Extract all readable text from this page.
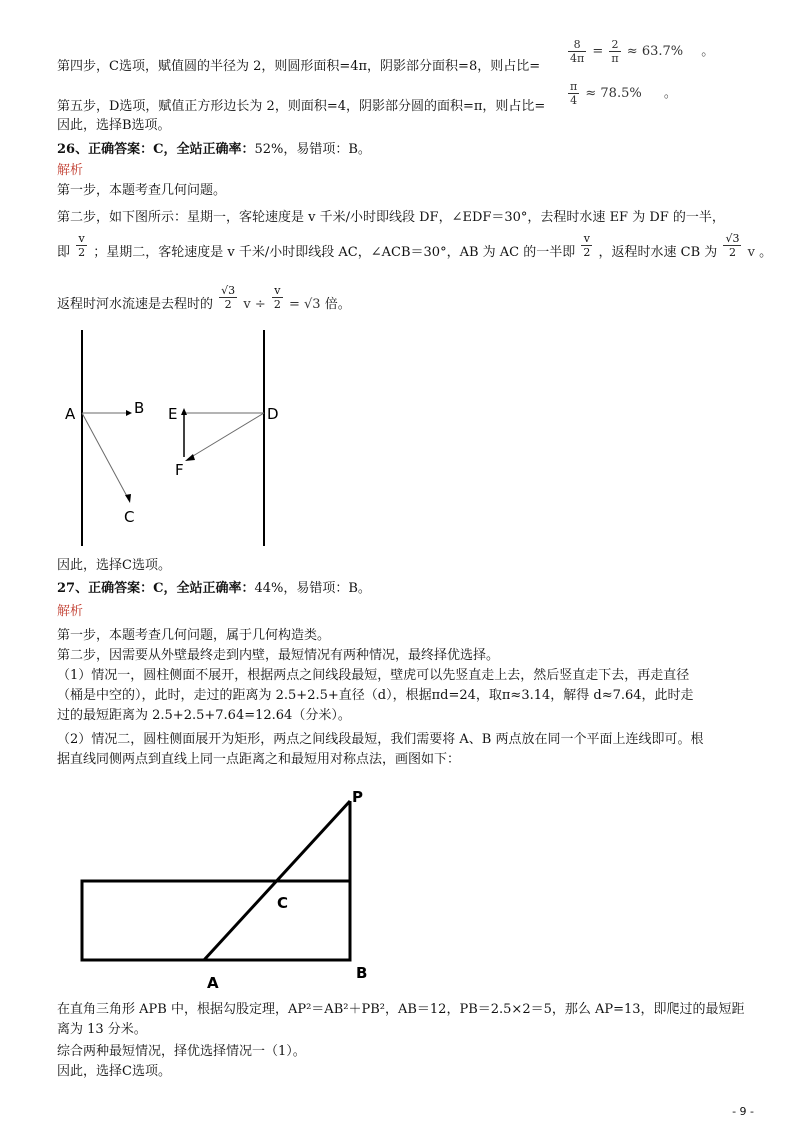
第四步，C选项，赋值圆的半径为 2，则圆形面积=4π，阴影部分面积=8，则占比=
$\frac{8}{4\pi} = \frac{2}{\pi} \approx 63.7\%$ 。
第五步，D选项，赋值正方形边长为 2，则面积=4，阴影部分圆的面积=π，则占比= $\frac{\pi}{4} \approx 78.5\%$ 。
因此，选择B选项。
26、正确答案：C，全站正确率：52%，易错项：B。
解析
第一步，本题考查几何问题。
第二步，如下图所示：星期一，客轮速度是 v 千米/小时即线段 DF，∠EDF＝30°，去程时水速 EF 为 DF 的一半，
即 $\frac{v}{2}$ ；星期二，客轮速度是 v 千米/小时即线段 AC，∠ACB＝30°，AB 为 AC 的一半即 $\frac{v}{2}$ ，返程时水速 CB 为 $\frac{√3}{2}$ v 。
返程时河水流速是去程时的 $\frac{√3}{2}$ $v \div \frac{v}{2} = √3$ 倍。
A	B
C
D
E
F
因此，选择C选项。
27、正确答案：C，全站正确率：44%，易错项：B。
解析
第一步，本题考查几何问题，属于几何构造类。
第二步，因需要从外壁最终走到内壁，最短情况有两种情况，最终择优选择。
（1）情况一，圆柱侧面不展开，根据两点之间线段最短，壁虎可以先竖直走上去，然后竖直走下去，再走直径
（桶是中空的），此时，走过的距离为 2.5+2.5+直径（d），根据πd=24，取π≈3.14，解得 d≈7.64，此时走
过的最短距离为 2.5+2.5+7.64=12.64（分米）。
（2）情况二，圆柱侧面展开为矩形，两点之间线段最短，我们需要将 A、B 两点放在同一个平面上连线即可。根
据直线同侧两点到直线上同一点距离之和最短用对称点法，画图如下：
P
C
A
B
在直角三角形 APB 中，根据勾股定理，AP²＝AB²＋PB²，AB＝12，PB＝2.5×2＝5，那么 AP=13，即爬过的最短距
离为 13 分米。
综合两种最短情况，择优选择情况一（1）。
因此，选择C选项。
- 9 -
